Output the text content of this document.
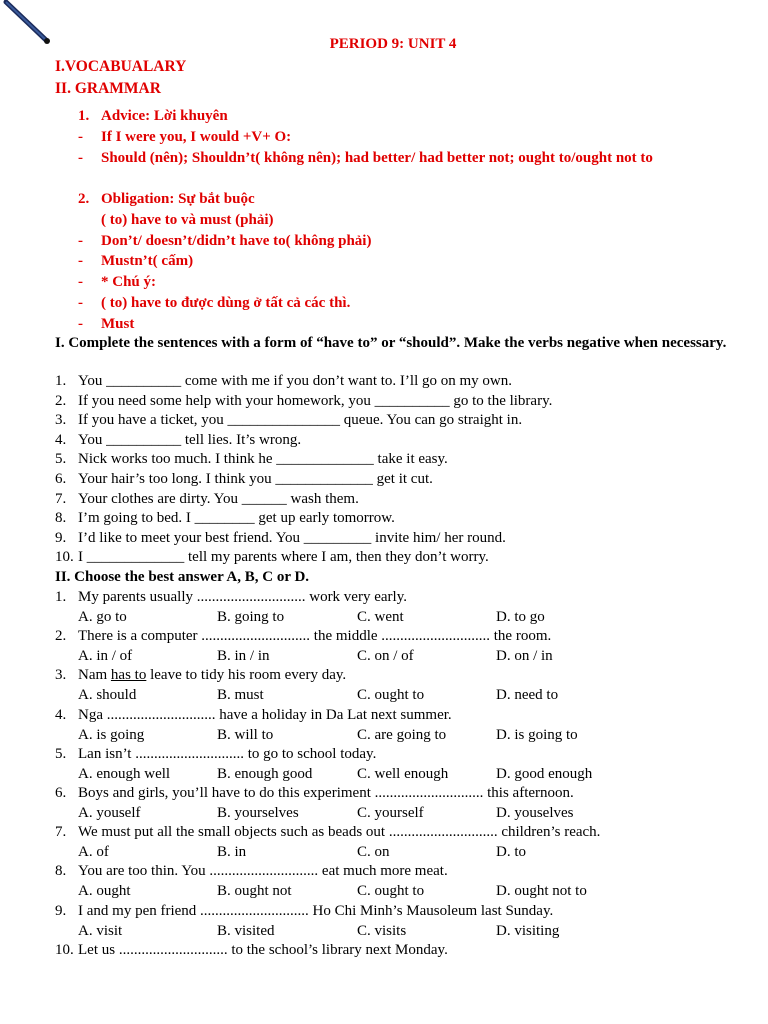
PERIOD 9: UNIT 4
I.VOCABUALARY
II. GRAMMAR
1. Advice: Lời khuyên
- If I were you, I would +V+ O:
- Should (nên); Shouldn’t( không nên); had better/ had better not; ought to/ought not to
2. Obligation: Sự bắt buộc
( to) have to và must (phải)
- Don’t/ doesn’t/didn’t have to( không phải)
- Mustn’t( cấm)
- * Chú ý:
- ( to) have to được dùng ở tất cả các thì.
- Must
I. Complete the sentences with a form of “have to” or “should”. Make the verbs negative when necessary.
1. You __________ come with me if you don’t want to. I’ll go on my own.
2. If you need some help with your homework, you __________ go to the library.
3. If you have a ticket, you _______________ queue. You can go straight in.
4. You __________ tell lies. It’s wrong.
5. Nick works too much. I think he _____________ take it easy.
6. Your hair’s too long. I think you _____________ get it cut.
7. Your clothes are dirty. You ______ wash them.
8. I’m going to bed. I ________ get up early tomorrow.
9. I’d like to meet your best friend. You _________ invite him/ her round.
10. I _____________ tell my parents where I am, then they don’t worry.
II. Choose the best answer A, B, C or D.
1. My parents usually ............................. work very early.
A. go to	B. going to	C. went	D. to go
2. There is a computer ............................. the middle ............................. the room.
A. in / of	B. in / in	C. on / of	D. on / in
3. Nam has to leave to tidy his room every day.
A. should	B. must	C. ought to	D. need to
4. Nga ............................. have a holiday in Da Lat next summer.
A. is going	B. will to	C. are going to	D. is going to
5. Lan isn’t ............................. to go to school today.
A. enough well	B. enough good	C. well enough	D. good enough
6. Boys and girls, you’ll have to do this experiment ............................. this afternoon.
A. youself	B. yourselves	C. yourself	D. youselves
7. We must put all the small objects such as beads out ............................. children’s reach.
A. of	B. in	C. on	D. to
8. You are too thin. You ............................. eat much more meat.
A. ought	B. ought not	C. ought to	D. ought not to
9. I and my pen friend ............................. Ho Chi Minh’s Mausoleum last Sunday.
A. visit	B. visited	C. visits	D. visiting
10. Let us ............................. to the school’s library next Monday.
